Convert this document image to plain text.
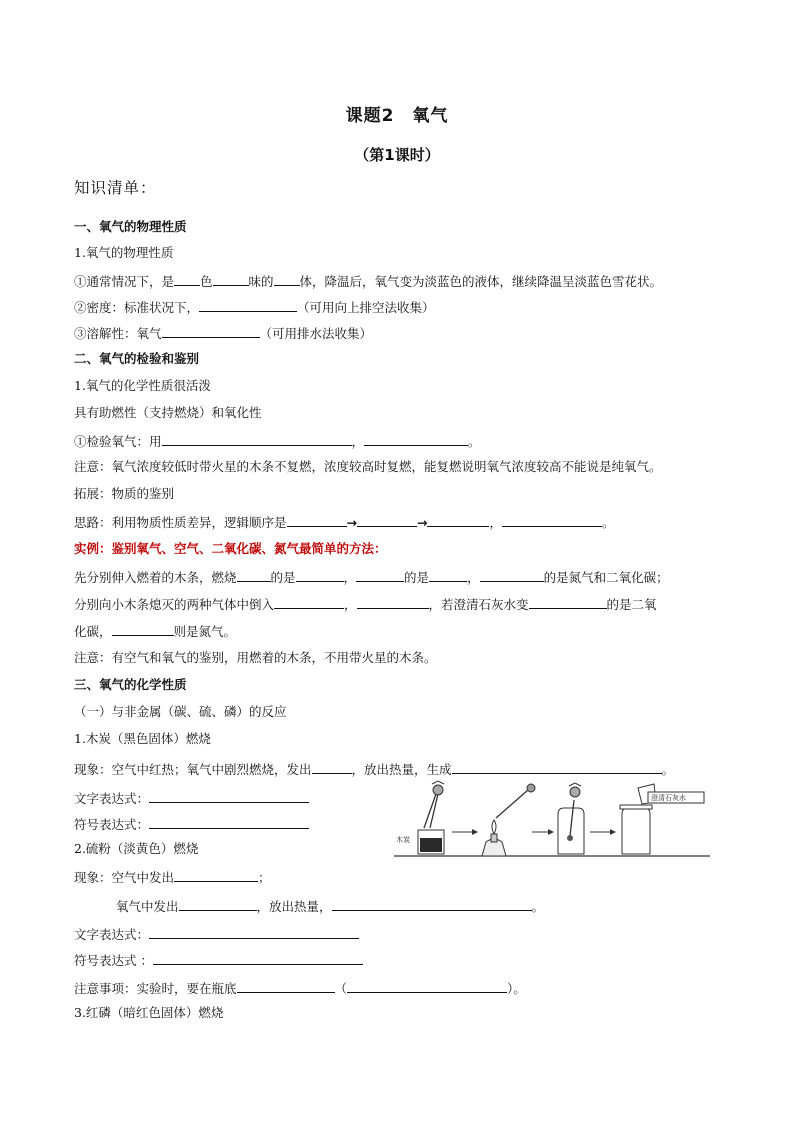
课题2　氧气
（第1课时）
知识清单：
一、氧气的物理性质
1.氧气的物理性质
①通常情况下，是 色	味的 体，降温后，氧气变为淡蓝色的液体，继续降温呈淡蓝色雪花状。
②密度：标准状况下，	（可用向上排空法收集）
③溶解性：氧气	（可用排水法收集）
二、氧气的检验和鉴别
1.氧气的化学性质很活泼
具有助燃性（支持燃烧）和氧化性
①检验氧气：用	，	。
注意：氧气浓度较低时带火星的木条不复燃，浓度较高时复燃，能复燃说明氧气浓度较高不能说是纯氧气。
拓展：物质的鉴别
思路：利用物质性质差异，逻辑顺序是	→	→	，	。
实例：鉴别氧气、空气、二氧化碳、氮气最简单的方法：
先分别伸入燃着的木条，燃烧	的是	，	的是	，	的是氮气和二氧化碳；
分别向小木条熄灭的两种气体中倒入	，	，若澄清石灰水变	的是二氧
化碳，	则是氮气。
注意：有空气和氧气的鉴别，用燃着的木条，不用带火星的木条。
三、氧气的化学性质
（一）与非金属（碳、硫、磷）的反应
1.木炭（黑色固体）燃烧
现象：空气中红热；氧气中剧烈燃烧，发出	，放出热量，生成	。
文字表达式：
符号表达式：
2.硫粉（淡黄色）燃烧
现象：空气中发出	；
氧气中发出	，放出热量，	。
文字表达式：
符号表达式 ：
注意事项：实验时，要在瓶底	（	）。
3.红磷（暗红色固体）燃烧
木炭
澄清石灰水
